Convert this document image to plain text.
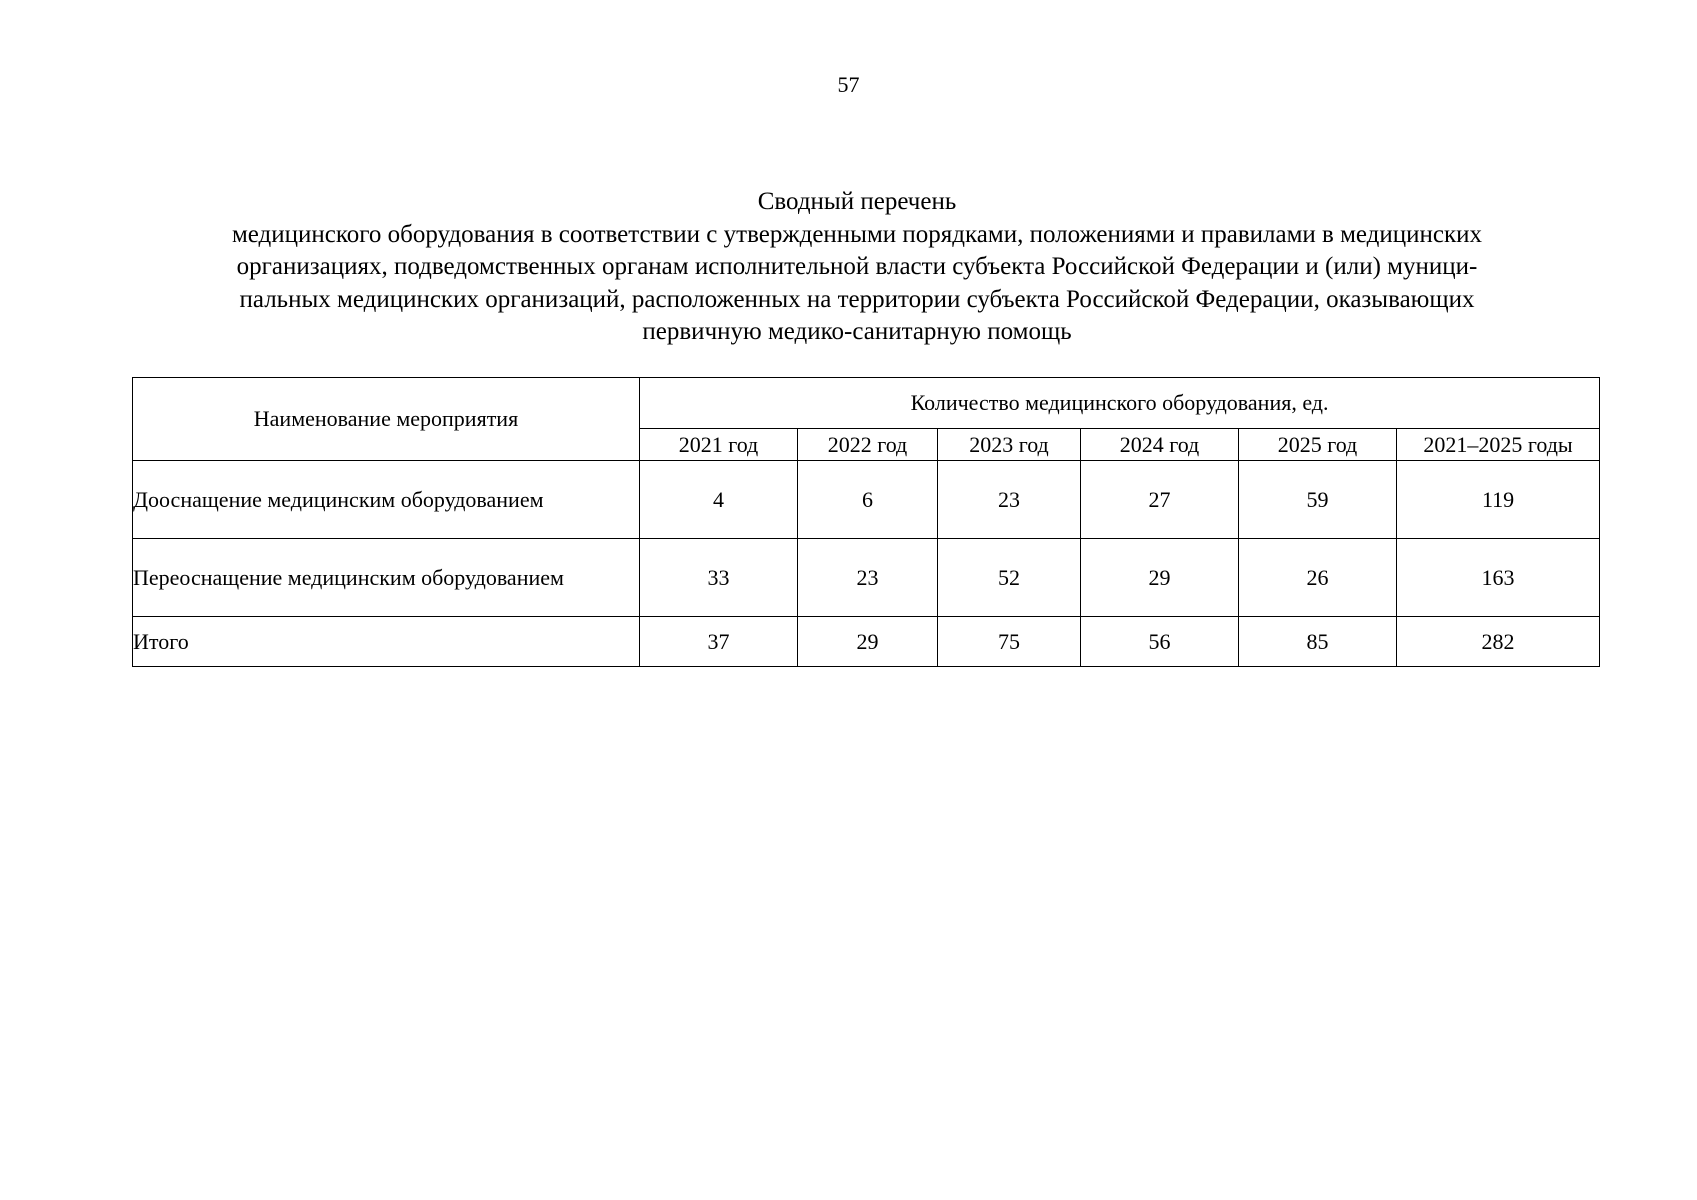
57
Сводный перечень
медицинского оборудования в соответствии с утвержденными порядками, положениями и правилами в медицинских
организациях, подведомственных органам исполнительной власти субъекта Российской Федерации и (или) муници-
пальных медицинских организаций, расположенных на территории субъекта Российской Федерации, оказывающих
первичную медико-санитарную помощь
Наименование мероприятия	Количество медицинского оборудования, ед.					
	2021 год	2022 год	2023 год	2024 год	2025 год	2021–2025 годы
Дооснащение медицинским оборудованием	4	6	23	27	59	119
Переоснащение медицинским оборудованием	33	23	52	29	26	163
Итого	37	29	75	56	85	282
